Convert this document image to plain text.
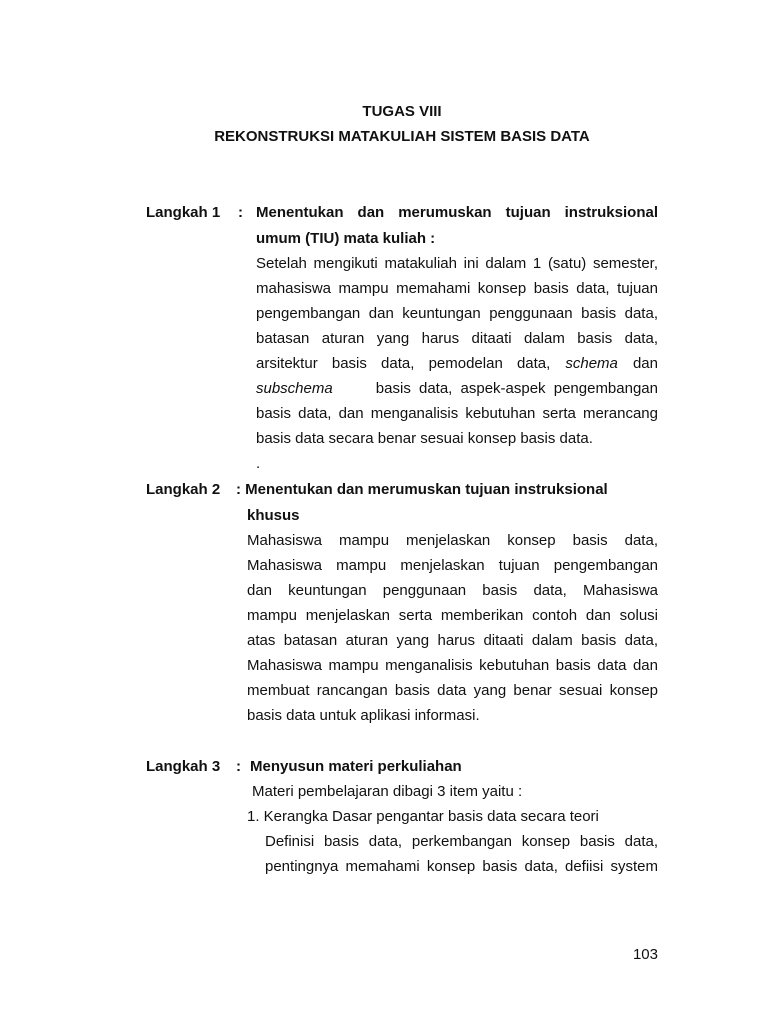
TUGAS VIII
REKONSTRUKSI MATAKULIAH SISTEM BASIS DATA
Langkah 1 : Menentukan dan merumuskan tujuan instruksional
umum (TIU) mata kuliah :
Setelah mengikuti matakuliah ini dalam 1 (satu) semester,
mahasiswa mampu memahami konsep basis data, tujuan
pengembangan dan keuntungan penggunaan basis data,
batasan aturan yang harus ditaati dalam basis data,
arsitektur basis data, pemodelan data, schema dan
subschema	basis data, aspek-aspek pengembangan
basis data, dan menganalisis kebutuhan serta merancang
basis data secara benar sesuai konsep basis data.
.
Langkah 2 : Menentukan dan merumuskan tujuan instruksional
khusus
Mahasiswa mampu menjelaskan konsep basis data,
Mahasiswa mampu menjelaskan tujuan pengembangan
dan keuntungan penggunaan basis data, Mahasiswa
mampu menjelaskan serta memberikan contoh dan solusi
atas batasan aturan yang harus ditaati dalam basis data,
Mahasiswa mampu menganalisis kebutuhan basis data dan
membuat rancangan basis data yang benar sesuai konsep
basis data untuk aplikasi informasi.
Langkah 3 : Menyusun materi perkuliahan
Materi pembelajaran dibagi 3 item yaitu :
1. Kerangka Dasar pengantar basis data secara teori
Definisi basis data, perkembangan konsep basis data,
pentingnya memahami konsep basis data, defiisi system
103
